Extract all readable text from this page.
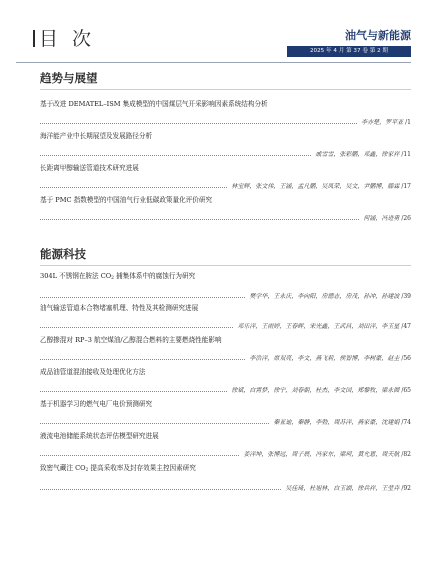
目 次	油气与新能源
2025 年 4 月 第 37 卷 第 2 期
趋势与展望
基于改进 DEMATEL–ISM 集成模型的中国煤层气开采影响因素系统结构分析
李亦楚，罗平亚 /1
海洋能产业中长期展望及发展路径分析
戚雪雪，张彩鹏，邓鑫，徐家祥 /11
长距离甲醇输送管道技术研究进展
林宝辉，张文伟，王涵，孟凡鹏，吴凤荣，吴文，尹鹏博，滕霖 /17
基于 PMC 指数模型的中国油气行业低碳政策量化评价研究
何涵，冯进勇 /26
能源科技
304L 不锈钢在胺法 $CO_2$ 捕集体系中的腐蚀行为研究
樊学华，王永庆，李向阳，房德志，房茂，孙冲，孙建波 /39
油气输送管道本合物堵塞机理、特性及其检测研究进展
邓乐洋，王雨婷，王春晖，宋光鑫，王武昌，刘田洋，李玉星 /47
乙醇掺混对 RP–3 航空煤油/乙醇混合燃料的主要燃烧性能影响
李浩洋，席双亮，李文，燕飞莉，侯智博，李树豪，赵圭 /56
成品油管道混油接收及处理优化方法
徐斌，白霄梦，徐宁，刘春朝，杜杰，李文国，郑黎牧，梁永圆 /65
基于机器学习的燃气电厂电价预测研究
秦亚迪，秦静，李勃，周苏洋，燕家豪，沈建娟 /74
液流电池储能系统状态评估模型研究进展
姜洋坤，张博远，周子晨，冯家东，梁珂，黄允恩，周天航 /82
致密气藏注 $CO_2$ 提高采收率及封存效果主控因素研究
吴佳琦，杜旭林，白玉湖，徐兵祥，王莹卉 /92
